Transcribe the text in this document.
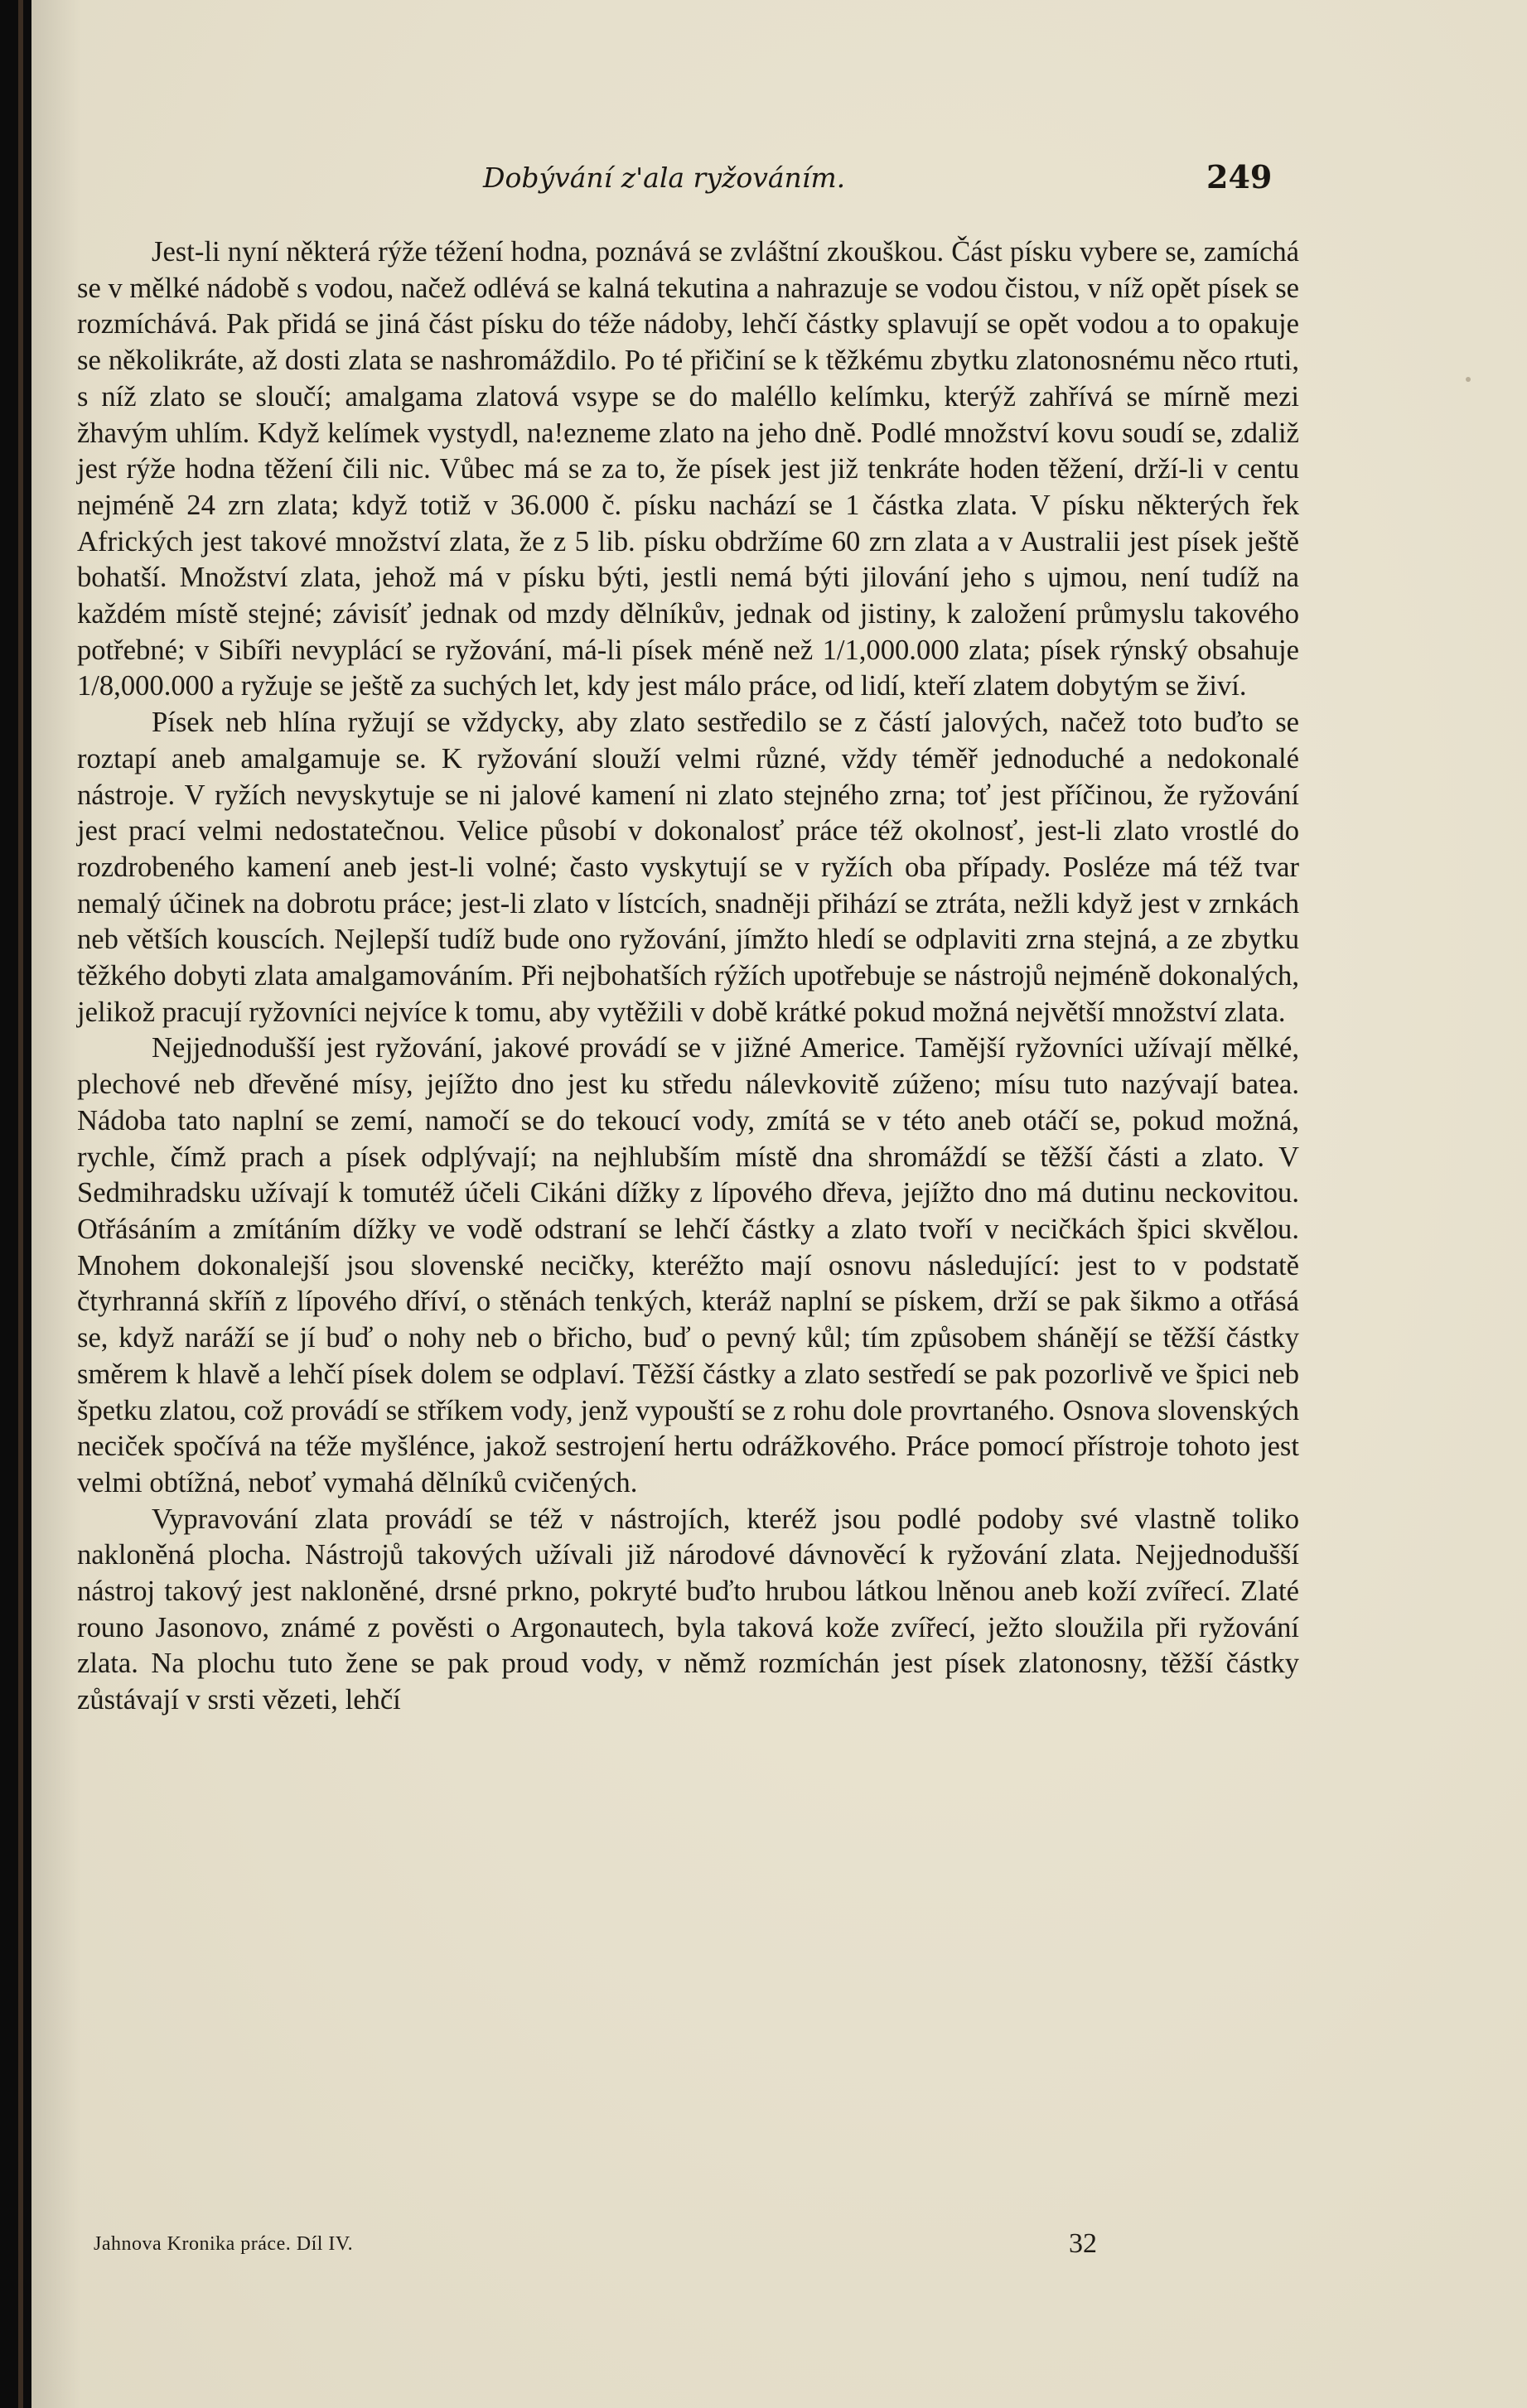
Dobývání z'ala ryžováním.	249

Jest-li nyní některá rýže téžení hodna, poznává se zvláštní zkouškou. Část písku vybere se, zamíchá se v mělké nádobě s vodou, načež odlévá se kalná tekutina a nahrazuje se vodou čistou, v níž opět písek se rozmíchává. Pak přidá se jiná část písku do téže nádoby, lehčí částky splavují se opět vodou a to opakuje se několikráte, až dosti zlata se nashromáždilo. Po té přičiní se k těžkému zbytku zlatonosnému něco rtuti, s níž zlato se sloučí; amalgama zlatová vsype se do maléllo kelímku, kterýž zahřívá se mírně mezi žhavým uhlím. Když kelímek vystydl, na!ezneme zlato na jeho dně. Podlé množství kovu soudí se, zdaliž jest rýže hodna těžení čili nic. Vůbec má se za to, že písek jest již tenkráte hoden těžení, drží-li v centu nejméně 24 zrn zlata; když totiž v 36.000 č. písku nachází se 1 částka zlata. V písku některých řek Afrických jest takové množství zlata, že z 5 lib. písku obdržíme 60 zrn zlata a v Australii jest písek ještě bohatší. Množství zlata, jehož má v písku býti, jestli nemá býti jilování jeho s ujmou, není tudíž na každém místě stejné; závisíť jednak od mzdy dělníkův, jednak od jistiny, k založení průmyslu takového potřebné; v Sibíři nevyplácí se ryžování, má-li písek méně než 1/1,000.000 zlata; písek rýnský obsahuje 1/8,000.000 a ryžuje se ještě za suchých let, kdy jest málo práce, od lidí, kteří zlatem dobytým se živí.

Písek neb hlína ryžují se vždycky, aby zlato sestředilo se z částí jalových, načež toto buďto se roztapí aneb amalgamuje se. K ryžování slouží velmi různé, vždy téměř jednoduché a nedokonalé nástroje. V ryžích nevyskytuje se ni jalové kamení ni zlato stejného zrna; toť jest příčinou, že ryžování jest prací velmi nedostatečnou. Velice působí v dokonalosť práce též okolnosť, jest-li zlato vrostlé do rozdrobeného kamení aneb jest-li volné; často vyskytují se v ryžích oba případy. Posléze má též tvar nemalý účinek na dobrotu práce; jest-li zlato v lístcích, snadněji přihází se ztráta, nežli když jest v zrnkách neb větších kouscích. Nejlepší tudíž bude ono ryžování, jímžto hledí se odplaviti zrna stejná, a ze zbytku těžkého dobyti zlata amalgamováním. Při nejbohatších rýžích upotřebuje se nástrojů nejméně dokonalých, jelikož pracují ryžovníci nejvíce k tomu, aby vytěžili v době krátké pokud možná největší množství zlata.

Nejjednodušší jest ryžování, jakové provádí se v jižné Americe. Tamější ryžovníci užívají mělké, plechové neb dřevěné mísy, jejížto dno jest ku středu nálevkovitě zúženo; mísu tuto nazývají batea. Nádoba tato naplní se zemí, namočí se do tekoucí vody, zmítá se v této aneb otáčí se, pokud možná, rychle, čímž prach a písek odplývají; na nejhlubším místě dna shromáždí se těžší části a zlato. V Sedmihradsku užívají k tomutéž účeli Cikáni dížky z lípového dřeva, jejížto dno má dutinu neckovitou. Otřásáním a zmítáním dížky ve vodě odstraní se lehčí částky a zlato tvoří v necičkách špici skvělou. Mnohem dokonalejší jsou slovenské necičky, kteréžto mají osnovu následující: jest to v podstatě čtyrhranná skříň z lípového dříví, o stěnách tenkých, kteráž naplní se pískem, drží se pak šikmo a otřásá se, když naráží se jí buď o nohy neb o břicho, buď o pevný kůl; tím způsobem shánějí se těžší částky směrem k hlavě a lehčí písek dolem se odplaví. Těžší částky a zlato sestředí se pak pozorlivě ve špici neb špetku zlatou, což provádí se stříkem vody, jenž vypouští se z rohu dole provrtaného. Osnova slovenských neciček spočívá na téže myšlénce, jakož sestrojení hertu odrážkového. Práce pomocí přístroje tohoto jest velmi obtížná, neboť vymahá dělníků cvičených.

Vypravování zlata provádí se též v nástrojích, kteréž jsou podlé podoby své vlastně toliko nakloněná plocha. Nástrojů takových užívali již národové dávnověcí k ryžování zlata. Nejjednodušší nástroj takový jest nakloněné, drsné prkno, pokryté buďto hrubou látkou lněnou aneb koží zvířecí. Zlaté rouno Jasonovo, známé z pověsti o Argonautech, byla taková kože zvířecí, ježto sloužila při ryžování zlata. Na plochu tuto žene se pak proud vody, v němž rozmíchán jest písek zlatonosny, těžší částky zůstávají v srsti vězeti, lehčí

Jahnova Kronika práce. Díl IV.	32
